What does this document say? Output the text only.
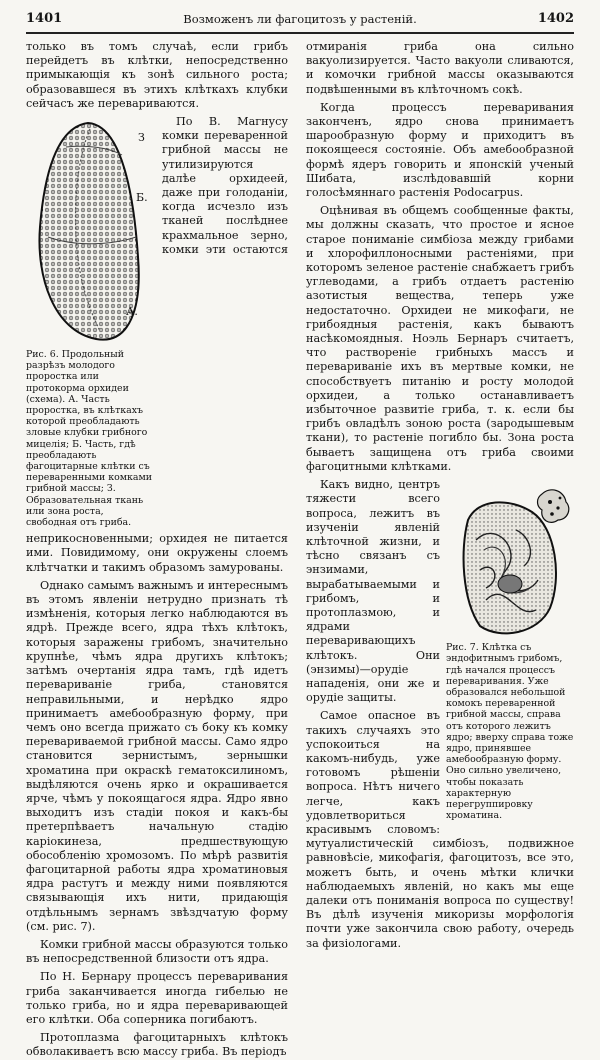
1401	Возможенъ ли фагоцитозъ у растеній.	1402

только въ томъ случаѣ, если грибъ перейдетъ въ клѣтки, непосредственно примыкающія къ зонѣ сильного роста; образовавшеся въ этихъ клѣткахъ клубки сейчасъ же перевариваются.

З
Б.
А.
Рис. 6. Продольный разрѣзъ молодого проростка или протокорма орхидеи (схема). А. Часть проростка, въ клѣткахъ которой преобладають зловые клубки грибного мицелія; Б. Часть, гдѣ преобладають фагоцитарные клѣтки съ переваренными комками грибной массы; З. Образовательная ткань или зона роста, свободная отъ гриба.

По В. Магнусу комки переваренной грибной массы не утилизируются далѣе орхидеей, даже при голоданіи, когда исчезло изъ тканей послѣднее крахмальное зерно, комки эти остаются неприкосновенными; орхидея не питается ими. Повидимому, они окружены слоемъ клѣтчатки и такимъ образомъ замурованы.

Однако самымъ важнымъ и интереснымъ въ этомъ явленіи нетрудно признать тѣ измѣненія, которыя легко наблюдаются въ ядрѣ. Прежде всего, ядра тѣхъ клѣтокъ, которыя заражены грибомъ, значительно крупнѣе, чѣмъ ядра другихъ клѣтокъ; затѣмъ очертанія ядра тамъ, гдѣ идетъ перевариваніе гриба, становятся неправильными, и нерѣдко ядро принимаетъ амебообразную форму, при чемъ оно всегда прижато съ боку къ комку перевариваемой грибной массы. Само ядро становится зернистымъ, зернышки хроматина при окраскѣ гематоксилиномъ, выдѣляются очень ярко и окрашивается ярче, чѣмъ у покоящагося ядра. Ядро явно выходитъ изъ стадіи покоя и какъ-бы претерпѣваетъ начальную стадію каріокинеза, предшествующую обособленію хромозомъ. По мѣрѣ развитія фагоцитарной работы ядра хроматиновыя ядра растутъ и между ними появляются связывающія ихъ нити, придающія отдѣльнымъ зернамъ звѣздчатую форму (см. рис. 7).

Комки грибной массы образуются только въ непосредственной близости отъ ядра.

По Н. Бернару процессъ переваривания гриба заканчивается иногда гибелью не только гриба, но и ядра переваривающей его клѣтки. Оба соперника погибаютъ.

Протоплазма фагоцитарныхъ клѣтокъ обволакиваетъ всю массу гриба. Въ періодъ

отмиранія гриба она сильно вакуолизируется. Часто вакуоли сливаются, и комочки грибной массы оказываются подвѣшенными въ клѣточномъ сокѣ.

Когда процессъ переваривания законченъ, ядро снова принимаетъ шарообразную форму и приходитъ въ покоящееся состояніе. Объ амебообразной формѣ ядеръ говорить и японскій ученый Шибата, изслѣдовавшій корни голосѣмяннаго растенія Podocarpus.

Оцѣнивая въ общемъ сообщенные факты, мы должны сказать, что простое и ясное старое пониманіе симбіоза между грибами и хлорофиллоносными растеніями, при которомъ зеленое растеніе снабжаетъ грибъ углеводами, а грибъ отдаетъ растенію азотистыя вещества, теперь уже недостаточно. Орхидеи не микофаги, не грибоядныя растенія, какъ бываютъ насѣкомоядныя. Ноэль Бернаръ считаетъ, что раствореніе грибныхъ массъ и перевариваніе ихъ въ мертвые комки, не способствуетъ питанію и росту молодой орхидеи, а только останавливаетъ избыточное развитіе гриба, т. к. если бы грибъ овладѣлъ зоною роста (зародышевым ткани), то растеніе погибло бы. Зона роста бываетъ защищена отъ гриба своими фагоцитными клѣтками.

Рис. 7. Клѣтка съ эндофитнымъ грибомъ, гдѣ начался процессъ переваривания. Уже образовался небольшой комокъ переваренной грибной массы, справа отъ которого лежитъ ядро; вверху справа тоже ядро, принявшее амебообразную форму. Оно сильно увеличено, чтобы показать характерную перегруппировку хроматина.

Какъ видно, центръ тяжести всего вопроса, лежитъ въ изученіи явленій клѣточной жизни, и тѣсно связанъ съ энзимами, вырабатываемыми и грибомъ, и протоплазмою, и ядрами переваривающихъ клѣтокъ. Они (энзимы)—орудіе нападенія, они же и орудіе защиты.

Самое опасное въ такихъ случаяхъ это успокоиться на какомъ-нибудь, уже готовомъ рѣшеніи вопроса. Нѣтъ ничего легче, какъ удовлетвориться красивымъ словомъ: мутуалистическій симбіозъ, подвижное равновѣсіе, микофагія, фагоцитозъ, все это, можетъ быть, и очень мѣтки клички наблюдаемыхъ явленій, но какъ мы еще далеки отъ пониманія вопроса по существу! Въ дѣлѣ изученія микоризы морфологія почти уже закончила свою работу, очередь за физіологами.
